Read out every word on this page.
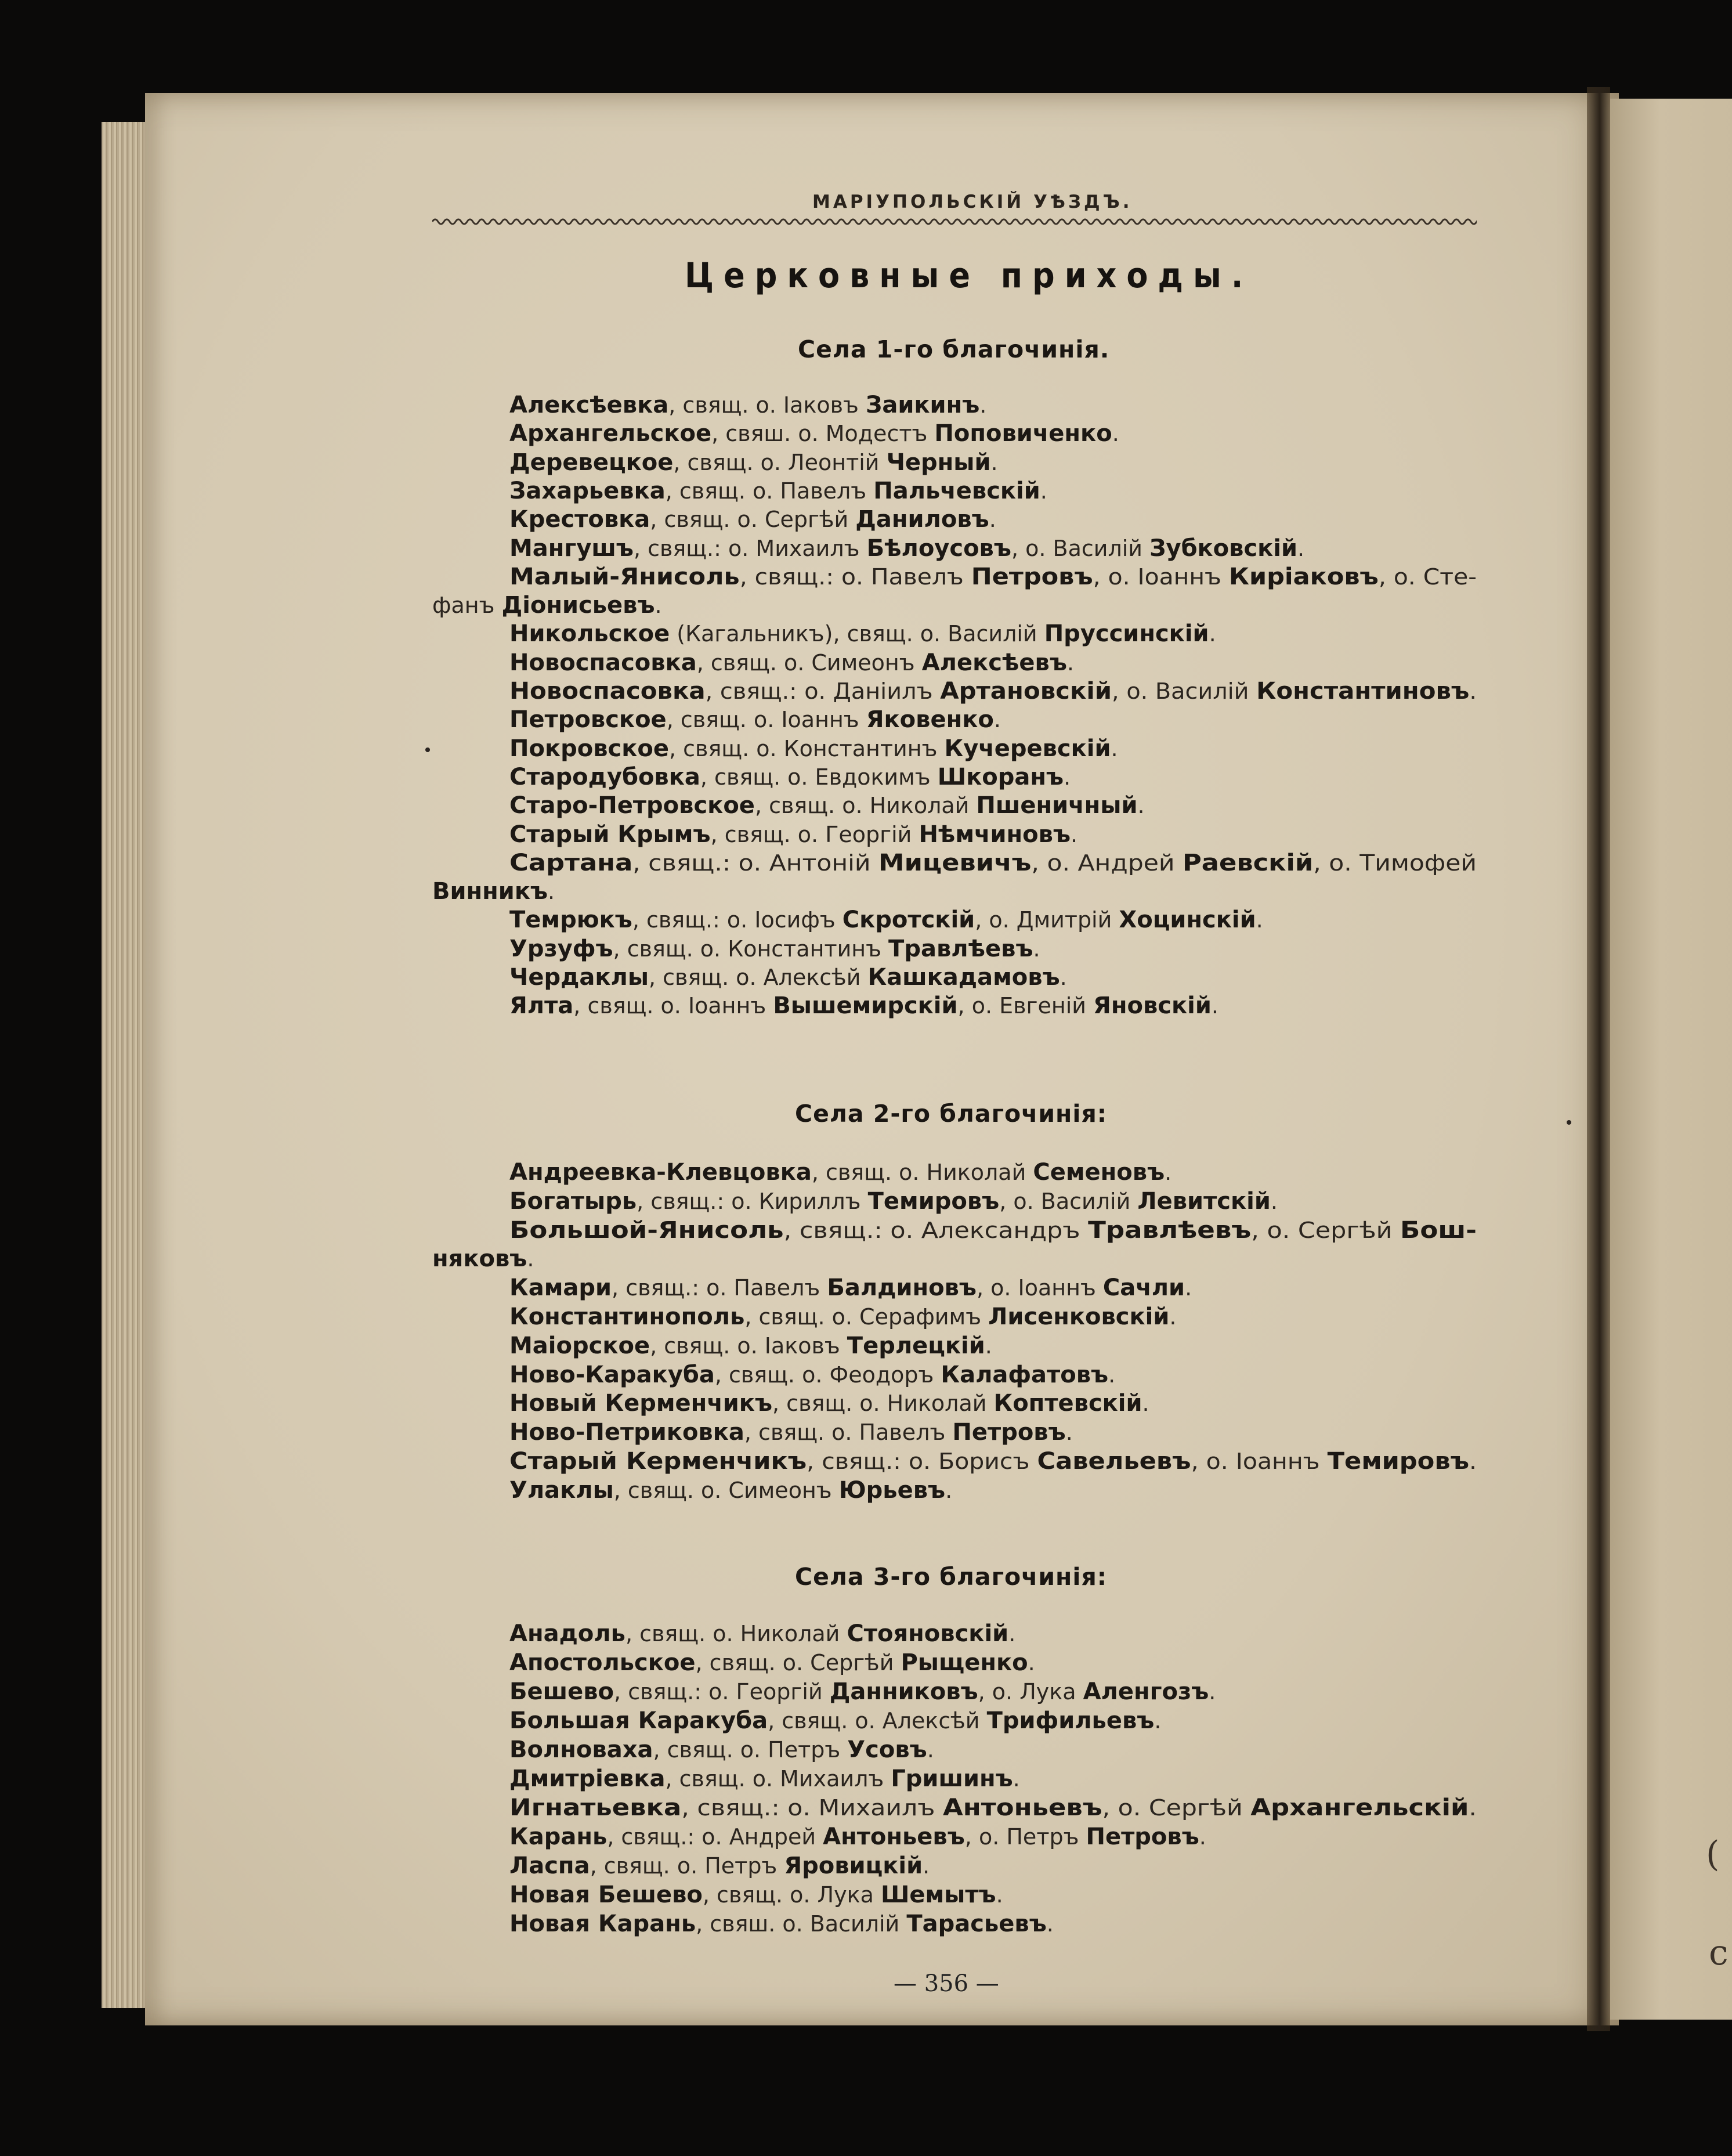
(
c
МАРІУПОЛЬСКІЙ УѢЗДЪ.
Церковные приходы.
Села 1-го благочинія.
Села 2-го благочинія:
Села 3-го благочинія:
Алексѣевка, свящ. о. Іаковъ Заикинъ.
Архангельское, свяш. о. Модестъ Поповиченко.
Деревецкое, свящ. о. Леонтій Черный.
Захарьевка, свящ. о. Павелъ Пальчевскій.
Крестовка, свящ. о. Сергѣй Даниловъ.
Мангушъ, свящ.: о. Михаилъ Бѣлоусовъ, о. Василій Зубковскій.
Малый-Янисоль, свящ.: о. Павелъ Петровъ, о. Іоаннъ Киріаковъ, о. Сте-
фанъ Діонисьевъ.
Никольское (Кагальникъ), свящ. о. Василій Пруссинскій.
Новоспасовка, свящ. о. Симеонъ Алексѣевъ.
Новоспасовка, свящ.: о. Даніилъ Артановскій, о. Василій Константиновъ.
Петровское, свящ. о. Іоаннъ Яковенко.
Покровское, свящ. о. Константинъ Кучеревскій.
Стародубовка, свящ. о. Евдокимъ Шкоранъ.
Старо-Петровское, свящ. о. Николай Пшеничный.
Старый Крымъ, свящ. о. Георгій Нѣмчиновъ.
Сартана, свящ.: о. Антоній Мицевичъ, о. Андрей Раевскій, о. Тимофей
Винникъ.
Темрюкъ, свящ.: о. Іосифъ Скротскій, о. Дмитрій Хоцинскій.
Урзуфъ, свящ. о. Константинъ Травлѣевъ.
Чердаклы, свящ. о. Алексѣй Кашкадамовъ.
Ялта, свящ. о. Іоаннъ Вышемирскій, о. Евгеній Яновскій.
Андреевка-Клевцовка, свящ. о. Николай Семеновъ.
Богатырь, свящ.: о. Кириллъ Темировъ, о. Василій Левитскій.
Большой-Янисоль, свящ.: о. Александръ Травлѣевъ, о. Сергѣй Бош-
няковъ.
Камари, свящ.: о. Павелъ Балдиновъ, о. Іоаннъ Сачли.
Константинополь, свящ. о. Серафимъ Лисенковскій.
Маіорское, свящ. о. Іаковъ Терлецкій.
Ново-Каракуба, свящ. о. Феодоръ Калафатовъ.
Новый Керменчикъ, свящ. о. Николай Коптевскій.
Ново-Петриковка, свящ. о. Павелъ Петровъ.
Старый Керменчикъ, свящ.: о. Борисъ Савельевъ, о. Іоаннъ Темировъ.
Улаклы, свящ. о. Симеонъ Юрьевъ.
Анадоль, свящ. о. Николай Стояновскій.
Апостольское, свящ. о. Сергѣй Рыщенко.
Бешево, свящ.: о. Георгій Данниковъ, о. Лука Аленгозъ.
Большая Каракуба, свящ. о. Алексѣй Трифильевъ.
Волноваха, свящ. о. Петръ Усовъ.
Дмитріевка, свящ. о. Михаилъ Гришинъ.
Игнатьевка, свящ.: о. Михаилъ Антоньевъ, о. Сергѣй Архангельскій.
Карань, свящ.: о. Андрей Антоньевъ, о. Петръ Петровъ.
Ласпа, свящ. о. Петръ Яровицкій.
Новая Бешево, свящ. о. Лука Шемытъ.
Новая Карань, свяш. о. Василій Тарасьевъ.
— 356 —
